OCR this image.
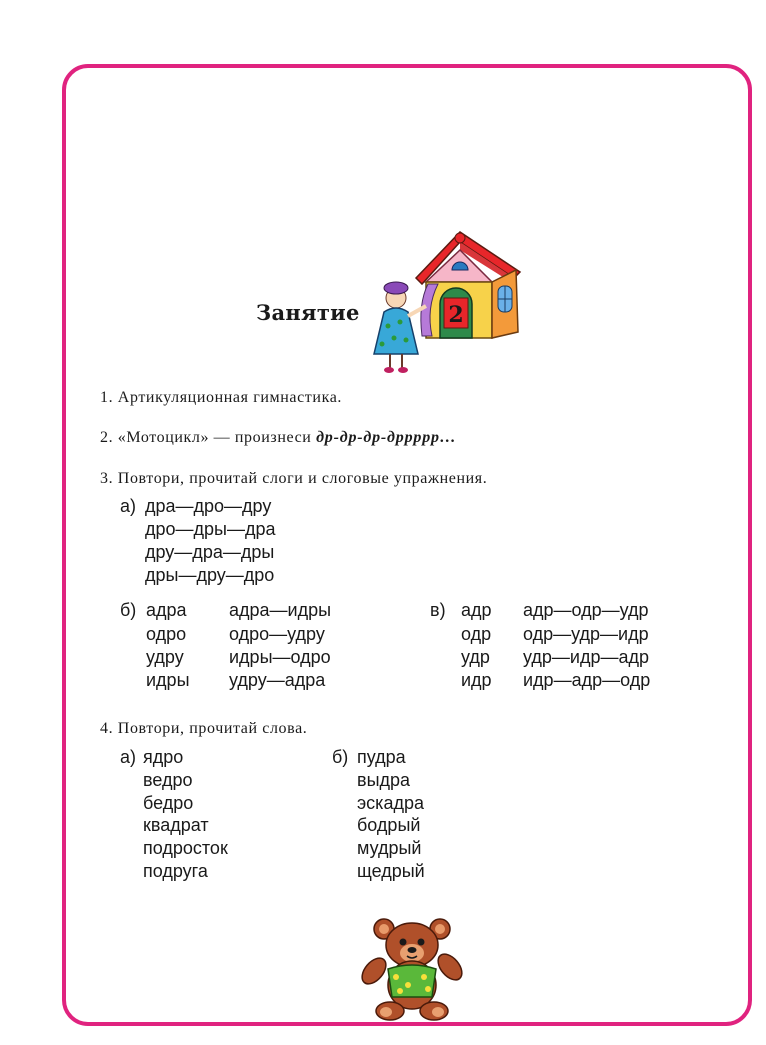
Занятие	2
1. Артикуляционная гимнастика.
2. «Мотоцикл» — произнеси др-др-др-дррррр…
3. Повтори, прочитай слоги и слоговые упражнения.
а) дра—дро—дру
дро—дры—дра
дру—дра—дры
дры—дру—дро
б) адра
одро
удру
идры
адра—идры
одро—удру
идры—одро
удру—адра
в) адр
одр
удр
идр
адр—одр—удр
одр—удр—идр
удр—идр—адр
идр—адр—одр
4. Повтори, прочитай слова.
а) ядро
ведро
бедро
квадрат
подросток
подруга
б) пудра
выдра
эскадра
бодрый
мудрый
щедрый
